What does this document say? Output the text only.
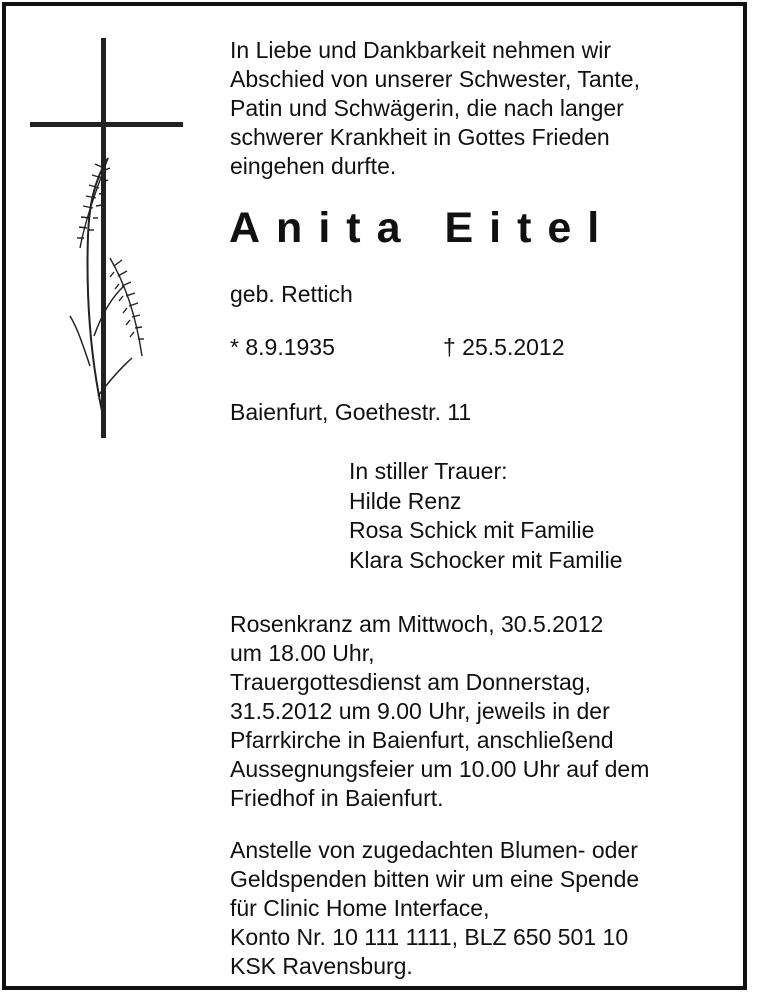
In Liebe und Dankbarkeit nehmen wir
Abschied von unserer Schwester, Tante,
Patin und Schwägerin, die nach langer
schwerer Krankheit in Gottes Frieden
eingehen durfte.

Anita Eitel

geb. Rettich

* 8.9.1935	† 25.5.2012

Baienfurt, Goethestr. 11

In stiller Trauer:
Hilde Renz
Rosa Schick mit Familie
Klara Schocker mit Familie

Rosenkranz am Mittwoch, 30.5.2012
um 18.00 Uhr,
Trauergottesdienst am Donnerstag,
31.5.2012 um 9.00 Uhr, jeweils in der
Pfarrkirche in Baienfurt, anschließend
Aussegnungsfeier um 10.00 Uhr auf dem
Friedhof in Baienfurt.

Anstelle von zugedachten Blumen- oder
Geldspenden bitten wir um eine Spende
für Clinic Home Interface,
Konto Nr. 10 111 1111, BLZ 650 501 10
KSK Ravensburg.
